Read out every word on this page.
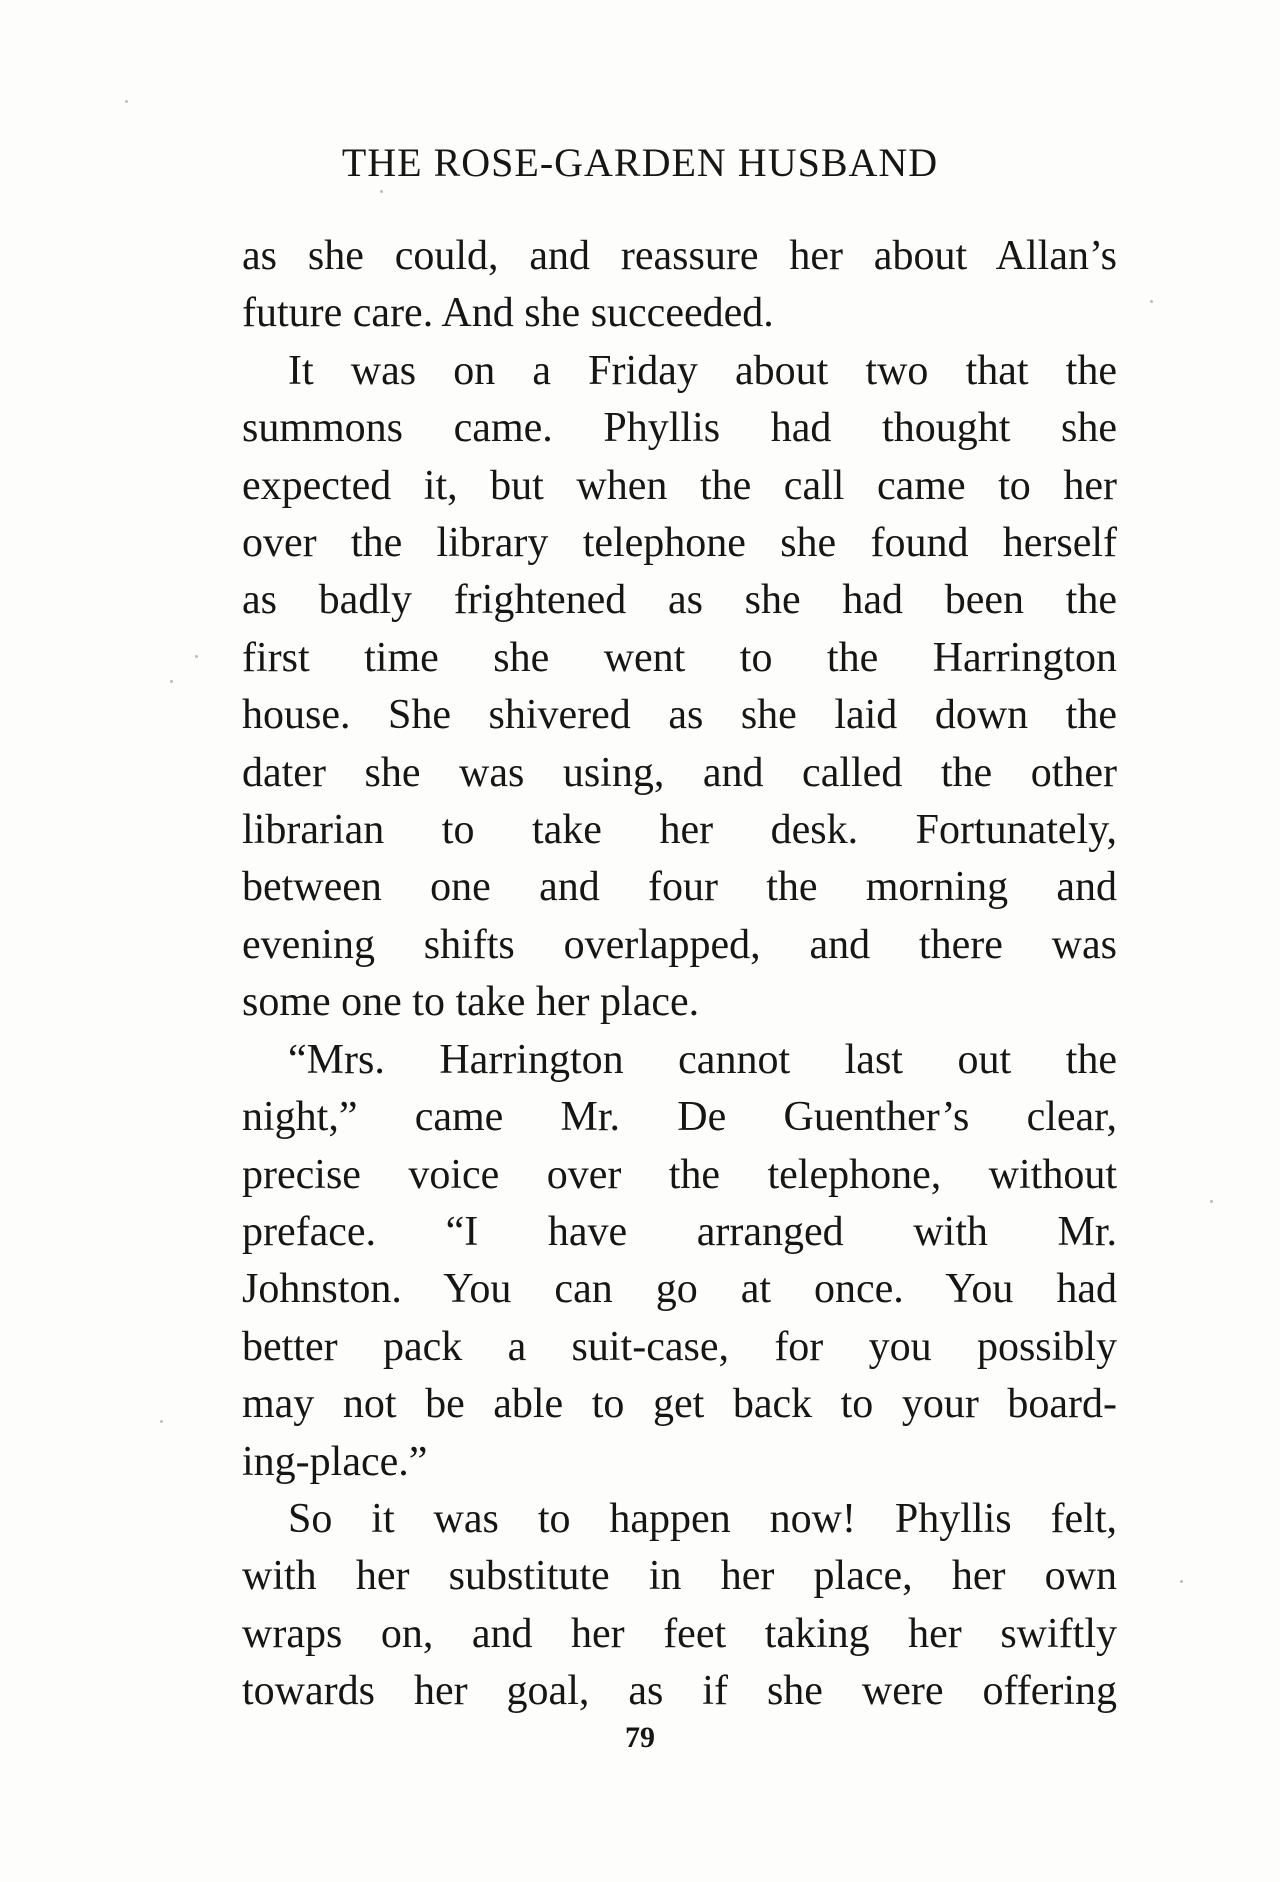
THE ROSE-GARDEN HUSBAND
as she could, and reassure her about Allan’s
future care. And she succeeded.
It was on a Friday about two that the
summons came. Phyllis had thought she
expected it, but when the call came to her
over the library telephone she found herself
as badly frightened as she had been the
first time she went to the Harrington
house. She shivered as she laid down the
dater she was using, and called the other
librarian to take her desk. Fortunately,
between one and four the morning and
evening shifts overlapped, and there was
some one to take her place.
“Mrs. Harrington cannot last out the
night,” came Mr. De Guenther’s clear,
precise voice over the telephone, without
preface. “I have arranged with Mr.
Johnston. You can go at once. You had
better pack a suit-case, for you possibly
may not be able to get back to your board-
ing-place.”
So it was to happen now! Phyllis felt,
with her substitute in her place, her own
wraps on, and her feet taking her swiftly
towards her goal, as if she were offering
79
